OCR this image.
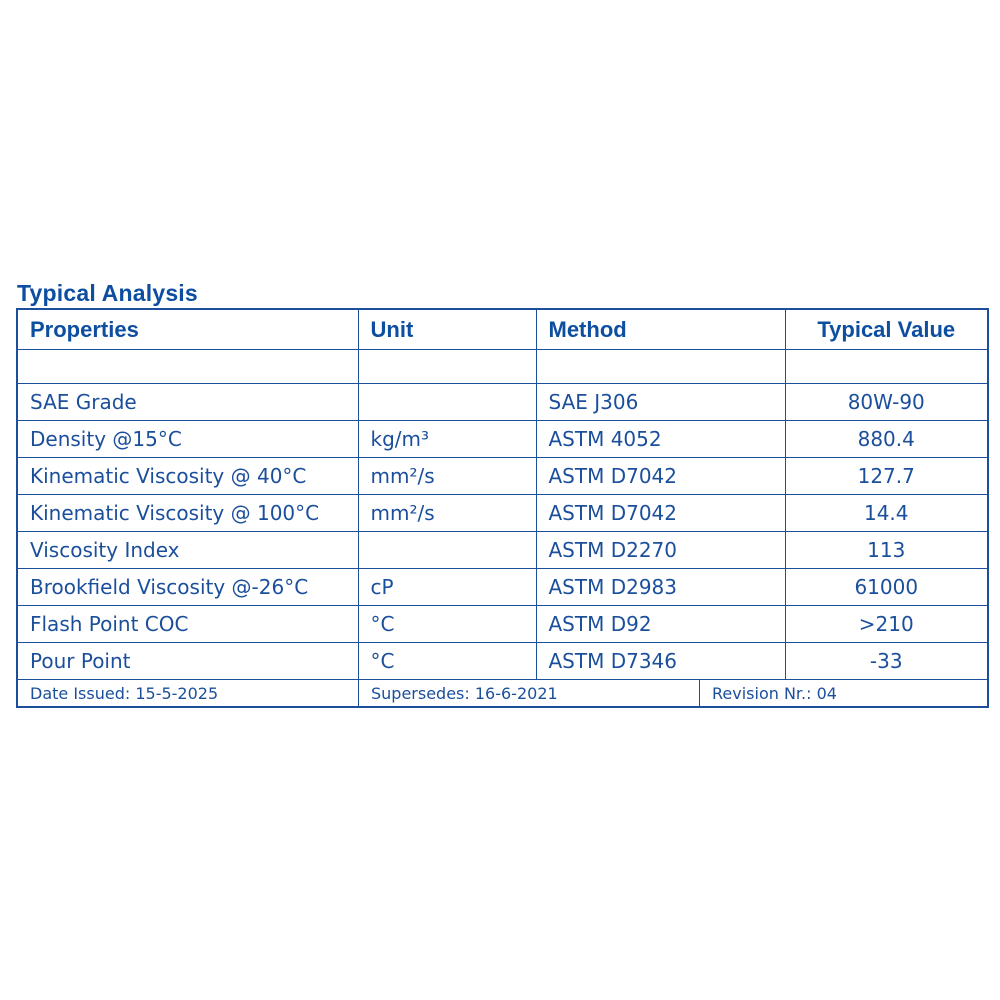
Typical Analysis
Properties	Unit	Method	Typical Value

SAE Grade		SAE J306	80W-90
Density @15°C	kg/m³	ASTM 4052	880.4
Kinematic Viscosity @ 40°C	mm²/s	ASTM D7042	127.7
Kinematic Viscosity @ 100°C	mm²/s	ASTM D7042	14.4
Viscosity Index		ASTM D2270	113
Brookfield Viscosity @-26°C	cP	ASTM D2983	61000
Flash Point COC	°C	ASTM D92	>210
Pour Point	°C	ASTM D7346	-33
Date Issued: 15-5-2025	Supersedes: 16-6-2021	Revision Nr.: 04
